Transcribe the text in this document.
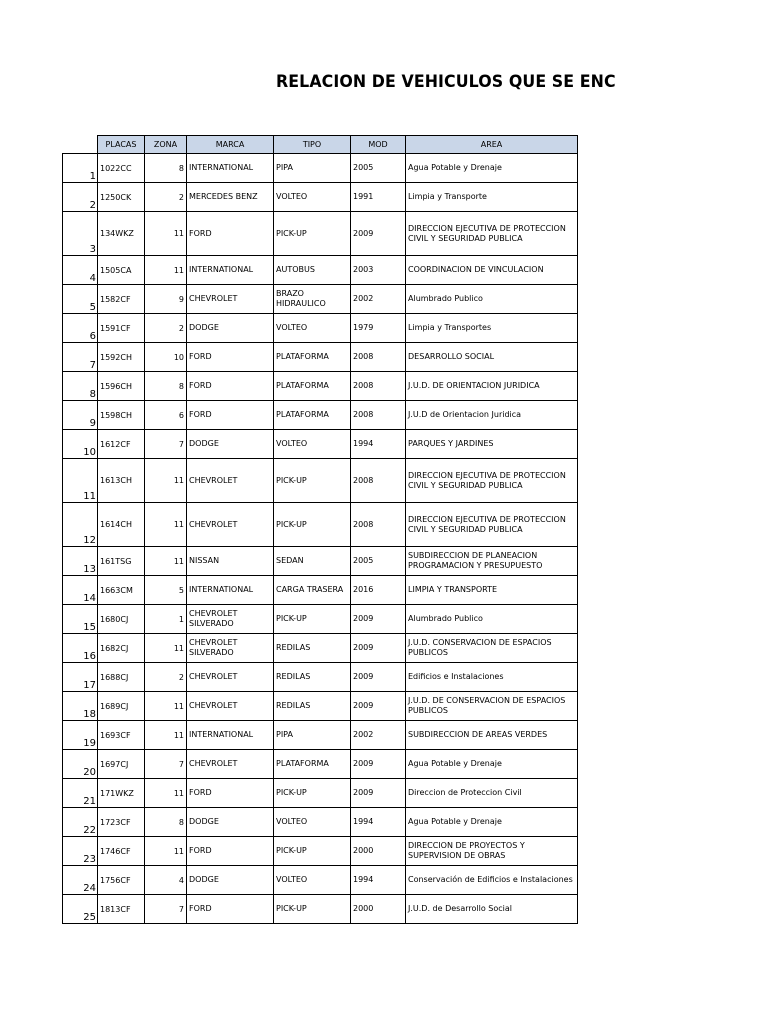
RELACION DE VEHICULOS QUE SE ENC
	PLACAS	ZONA	MARCA	TIPO	MOD	AREA
1	1022CC	8	INTERNATIONAL	PIPA	2005	Agua Potable y Drenaje
2	1250CK	2	MERCEDES BENZ	VOLTEO	1991	Limpia y Transporte
3	134WKZ	11	FORD	PICK-UP	2009	DIRECCION EJECUTIVA DE PROTECCION CIVIL Y SEGURIDAD PUBLICA
4	1505CA	11	INTERNATIONAL	AUTOBUS	2003	COORDINACION DE VINCULACION
5	1582CF	9	CHEVROLET	BRAZO HIDRAULICO	2002	Alumbrado Publico
6	1591CF	2	DODGE	VOLTEO	1979	Limpia y Transportes
7	1592CH	10	FORD	PLATAFORMA	2008	DESARROLLO SOCIAL
8	1596CH	8	FORD	PLATAFORMA	2008	J.U.D. DE ORIENTACION JURIDICA
9	1598CH	6	FORD	PLATAFORMA	2008	J.U.D de Orientacion Juridica
10	1612CF	7	DODGE	VOLTEO	1994	PARQUES Y JARDINES
11	1613CH	11	CHEVROLET	PICK-UP	2008	DIRECCION EJECUTIVA DE PROTECCION CIVIL Y SEGURIDAD PUBLICA
12	1614CH	11	CHEVROLET	PICK-UP	2008	DIRECCION EJECUTIVA DE PROTECCION CIVIL Y SEGURIDAD PUBLICA
13	161TSG	11	NISSAN	SEDAN	2005	SUBDIRECCION DE PLANEACION PROGRAMACION Y PRESUPUESTO
14	1663CM	5	INTERNATIONAL	CARGA TRASERA	2016	LIMPIA Y TRANSPORTE
15	1680CJ	1	CHEVROLET SILVERADO	PICK-UP	2009	Alumbrado Publico
16	1682CJ	11	CHEVROLET SILVERADO	REDILAS	2009	J.U.D. CONSERVACION DE ESPACIOS PUBLICOS
17	1688CJ	2	CHEVROLET	REDILAS	2009	Edificios e Instalaciones
18	1689CJ	11	CHEVROLET	REDILAS	2009	J.U.D. DE CONSERVACION DE ESPACIOS PUBLICOS
19	1693CF	11	INTERNATIONAL	PIPA	2002	SUBDIRECCION DE AREAS VERDES
20	1697CJ	7	CHEVROLET	PLATAFORMA	2009	Agua Potable y Drenaje
21	171WKZ	11	FORD	PICK-UP	2009	Direccion de Proteccion Civil
22	1723CF	8	DODGE	VOLTEO	1994	Agua Potable y Drenaje
23	1746CF	11	FORD	PICK-UP	2000	DIRECCION DE PROYECTOS Y SUPERVISION DE OBRAS
24	1756CF	4	DODGE	VOLTEO	1994	Conservación de Edificios e Instalaciones
25	1813CF	7	FORD	PICK-UP	2000	J.U.D. de Desarrollo Social
